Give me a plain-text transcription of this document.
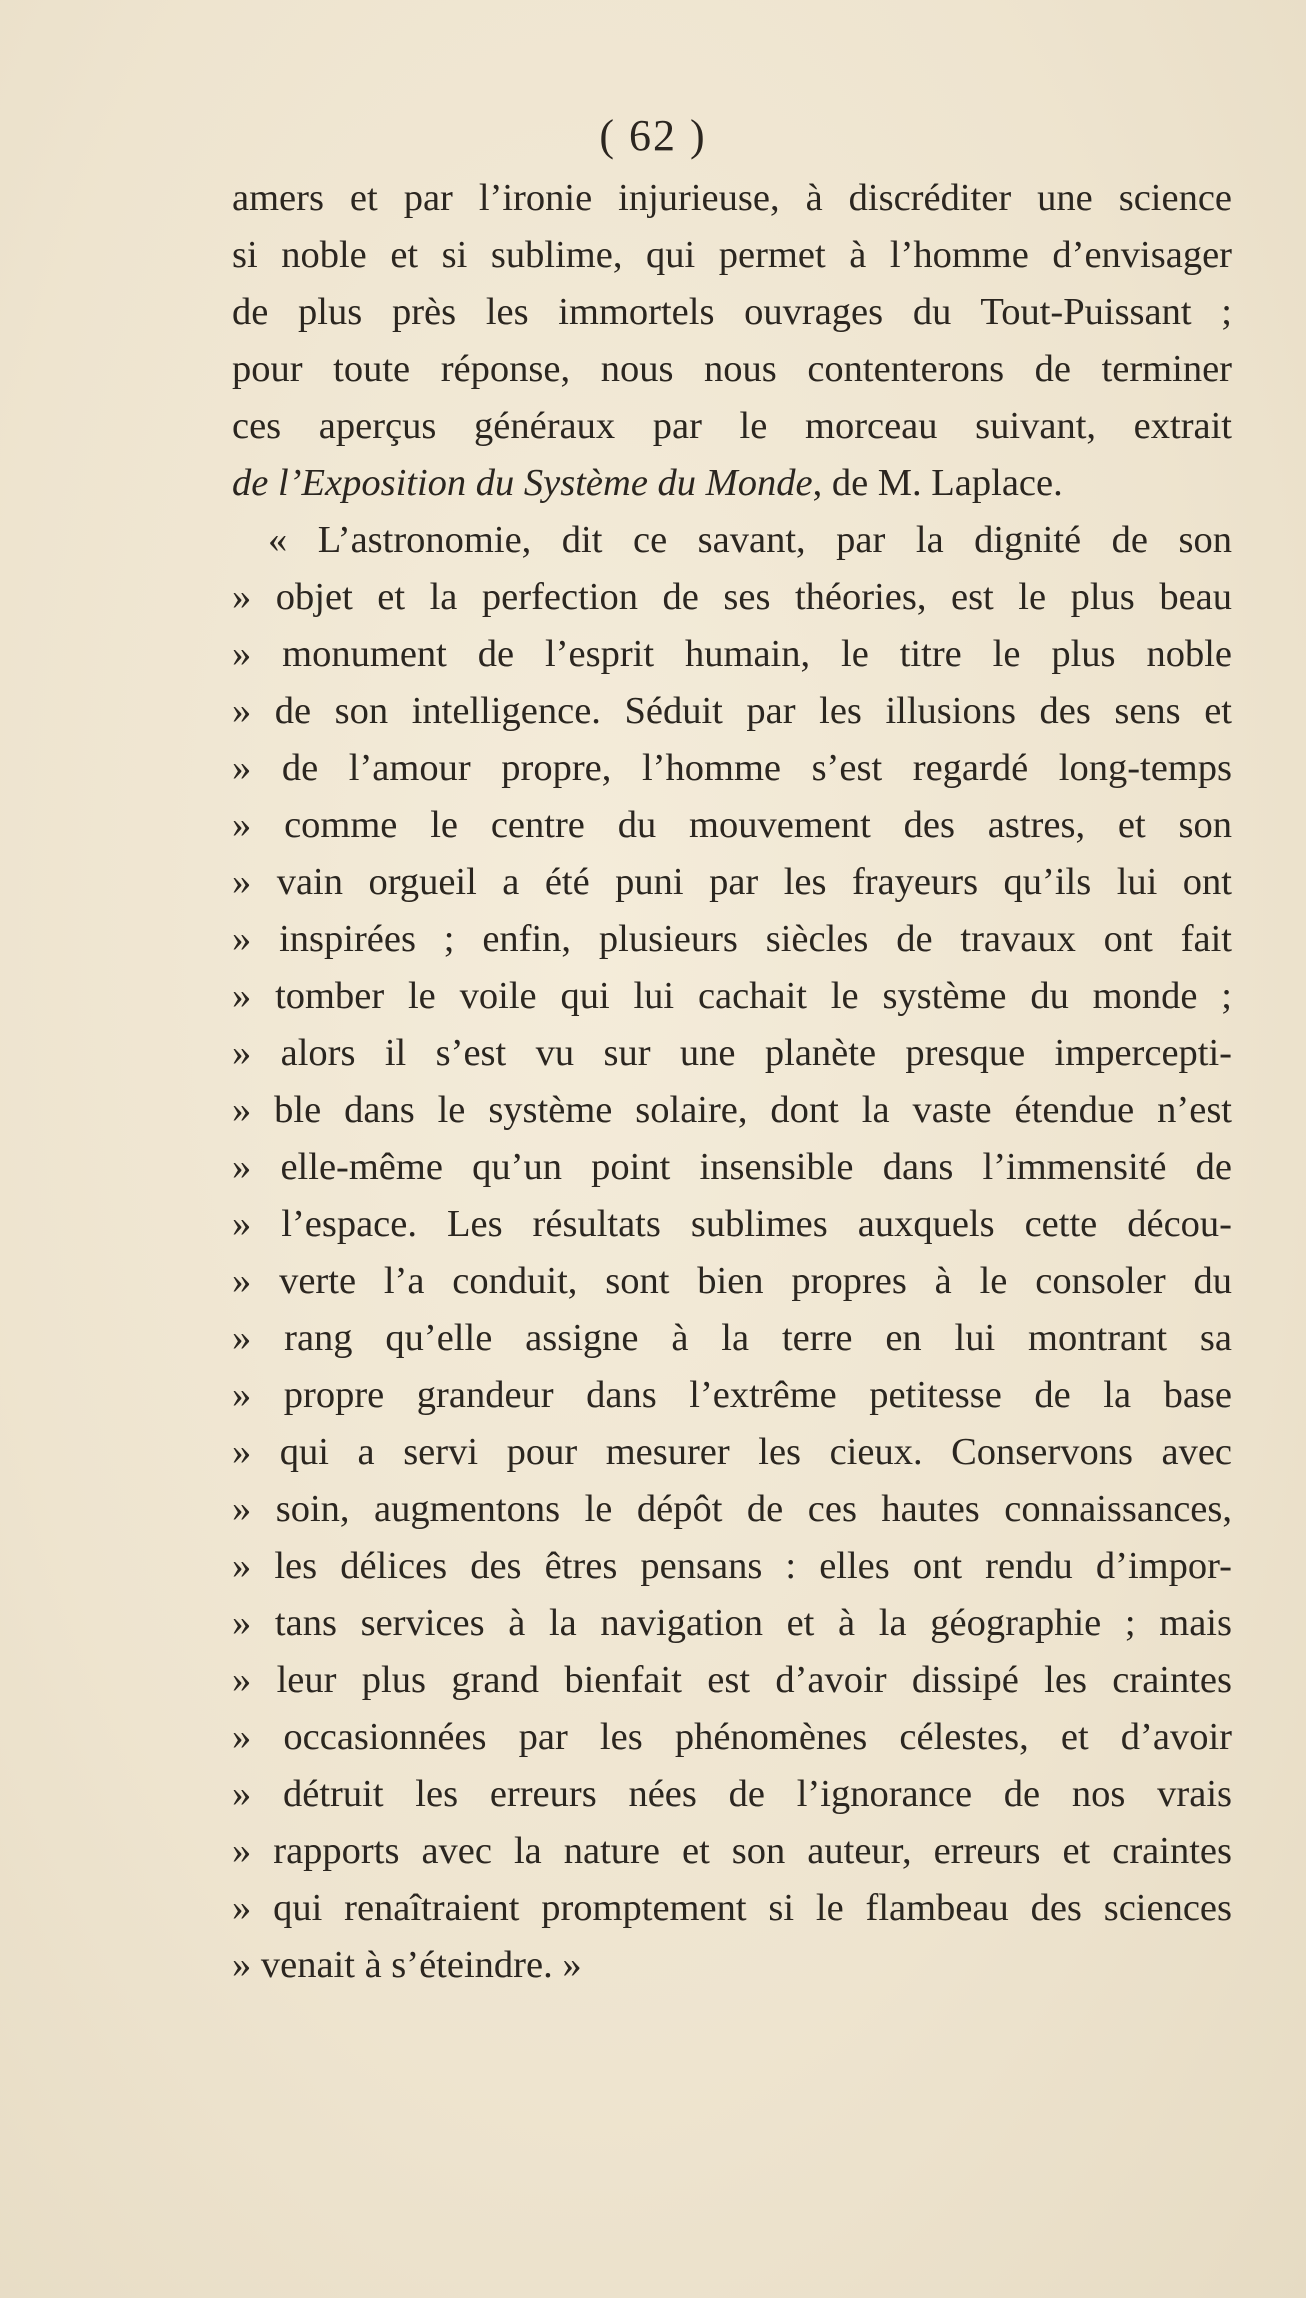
( 62 )
amers et par l’ironie injurieuse, à discréditer une science
si noble et si sublime, qui permet à l’homme d’envisager
de plus près les immortels ouvrages du Tout-Puissant ;
pour toute réponse, nous nous contenterons de terminer
ces aperçus généraux par le morceau suivant, extrait
de l’Exposition du Système du Monde, de M. Laplace.
« L’astronomie, dit ce savant, par la dignité de son
» objet et la perfection de ses théories, est le plus beau
» monument de l’esprit humain, le titre le plus noble
» de son intelligence. Séduit par les illusions des sens et
» de l’amour propre, l’homme s’est regardé long-temps
» comme le centre du mouvement des astres, et son
» vain orgueil a été puni par les frayeurs qu’ils lui ont
» inspirées ; enfin, plusieurs siècles de travaux ont fait
» tomber le voile qui lui cachait le système du monde ;
» alors il s’est vu sur une planète presque impercepti-
» ble dans le système solaire, dont la vaste étendue n’est
» elle-même qu’un point insensible dans l’immensité de
» l’espace. Les résultats sublimes auxquels cette décou-
» verte l’a conduit, sont bien propres à le consoler du
» rang qu’elle assigne à la terre en lui montrant sa
» propre grandeur dans l’extrême petitesse de la base
» qui a servi pour mesurer les cieux. Conservons avec
» soin, augmentons le dépôt de ces hautes connaissances,
» les délices des êtres pensans : elles ont rendu d’impor-
» tans services à la navigation et à la géographie ; mais
» leur plus grand bienfait est d’avoir dissipé les craintes
» occasionnées par les phénomènes célestes, et d’avoir
» détruit les erreurs nées de l’ignorance de nos vrais
» rapports avec la nature et son auteur, erreurs et craintes
» qui renaîtraient promptement si le flambeau des sciences
» venait à s’éteindre. »
